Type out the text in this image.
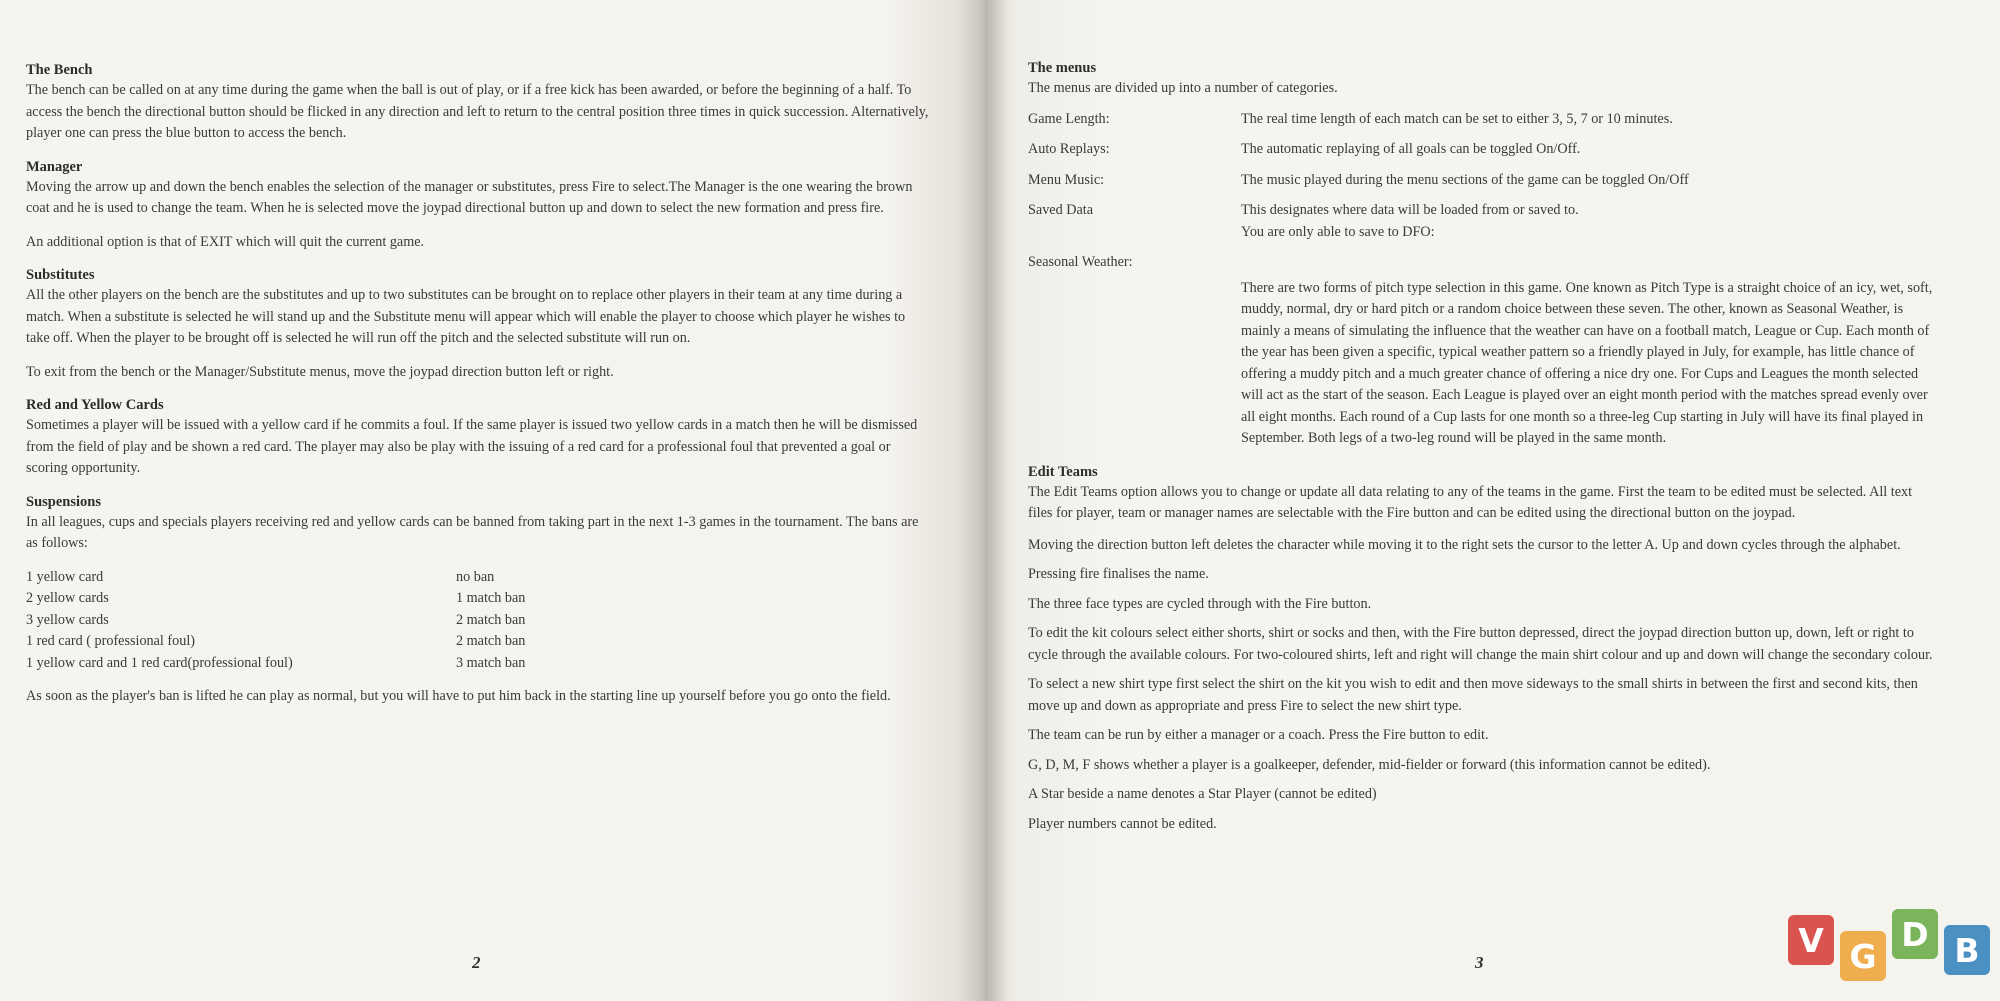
The Bench

The bench can be called on at any time during the game when the ball is out of play, or if a free kick has been awarded, or before the beginning of a half. To access the bench the directional button should be flicked in any direction and left to return to the central position three times in quick succession. Alternatively, player one can press the blue button to access the bench.

Manager

Moving the arrow up and down the bench enables the selection of the manager or substitutes, press Fire to select.The Manager is the one wearing the brown coat and he is used to change the team. When he is selected move the joypad directional button up and down to select the new formation and press fire.

An additional option is that of EXIT which will quit the current game.

Substitutes

All the other players on the bench are the substitutes and up to two substitutes can be brought on to replace other players in their team at any time during a match. When a substitute is selected he will stand up and the Substitute menu will appear which will enable the player to choose which player he wishes to take off. When the player to be brought off is selected he will run off the pitch and the selected substitute will run on.

To exit from the bench or the Manager/Substitute menus, move the joypad direction button left or right.

Red and Yellow Cards

Sometimes a player will be issued with a yellow card if he commits a foul. If the same player is issued two yellow cards in a match then he will be dismissed from the field of play and be shown a red card. The player may also be play with the issuing of a red card for a professional foul that prevented a goal or scoring opportunity.

Suspensions

In all leagues, cups and specials players receiving red and yellow cards can be banned from taking part in the next 1-3 games in the tournament. The bans are as follows:

1 yellow card	no ban
2 yellow cards	1 match ban
3 yellow cards	2 match ban
1 red card ( professional foul)	2 match ban
1 yellow card and 1 red card(professional foul)	3 match ban

As soon as the player's ban is lifted he can play as normal, but you will have to put him back in the starting line up yourself before you go onto the field.

2
The menus

The menus are divided up into a number of categories.

Game Length:	The real time length of each match can be set to either 3, 5, 7 or 10 minutes.
Auto Replays:	The automatic replaying of all goals can be toggled On/Off.
Menu Music:	The music played during the menu sections of the game can be toggled On/Off
Saved Data	This designates where data will be loaded from or saved to.
You are only able to save to DFO:
Seasonal Weather:
There are two forms of pitch type selection in this game. One known as Pitch Type is a straight choice of an icy, wet, soft, muddy, normal, dry or hard pitch or a random choice between these seven. The other, known as Seasonal Weather, is mainly a means of simulating the influence that the weather can have on a football match, League or Cup. Each month of the year has been given a specific, typical weather pattern so a friendly played in July, for example, has little chance of offering a muddy pitch and a much greater chance of offering a nice dry one. For Cups and Leagues the month selected will act as the start of the season. Each League is played over an eight month period with the matches spread evenly over all eight months. Each round of a Cup lasts for one month so a three-leg Cup starting in July will have its final played in September. Both legs of a two-leg round will be played in the same month.
Edit Teams

The Edit Teams option allows you to change or update all data relating to any of the teams in the game. First the team to be edited must be selected. All text files for player, team or manager names are selectable with the Fire button and can be edited using the directional button on the joypad.

Moving the direction button left deletes the character while moving it to the right sets the cursor to the letter A. Up and down cycles through the alphabet.

Pressing fire finalises the name.

The three face types are cycled through with the Fire button.

To edit the kit colours select either shorts, shirt or socks and then, with the Fire button depressed, direct the joypad direction button up, down, left or right to cycle through the available colours. For two-coloured shirts, left and right will change the main shirt colour and up and down will change the secondary colour.

To select a new shirt type first select the shirt on the kit you wish to edit and then move sideways to the small shirts in between the first and second kits, then move up and down as appropriate and press Fire to select the new shirt type.

The team can be run by either a manager or a coach. Press the Fire button to edit.

G, D, M, F shows whether a player is a goalkeeper, defender, mid-fielder or forward (this information cannot be edited).

A Star beside a name denotes a Star Player (cannot be edited)

Player numbers cannot be edited.

3
V G
D B
